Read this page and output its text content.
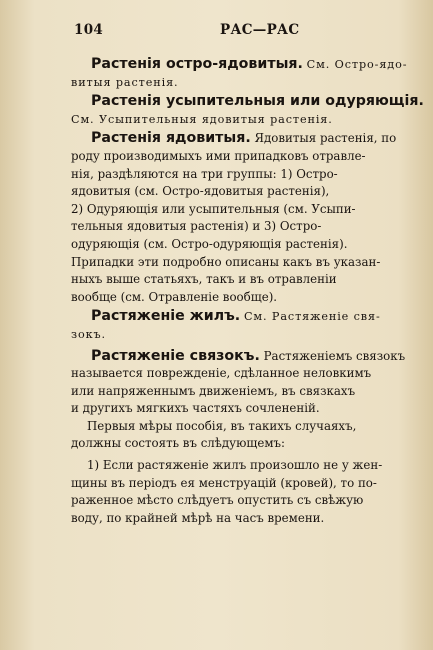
104	РАС—РАС
Растенія остро-ядовитыя. См. Остро-ядо-
витыя растенія.
Растенія усыпительныя или одуряющія.
См. Усыпительныя ядовитыя растенія.
Растенія ядовитыя. Ядовитыя растенія, по
роду производимыхъ ими припадковъ отравле-
нія, раздѣляются на три группы: 1) Остро-
ядовитыя (см. Остро-ядовитыя растенія),
2) Одуряющія или усыпительныя (см. Усыпи-
тельныя ядовитыя растенія) и 3) Остро-
одуряющія (см. Остро-одуряющія растенія).
Припадки эти подробно описаны какъ въ указан-
ныхъ выше статьяхъ, такъ и въ отравленіи
вообще (см. Отравленіе вообще).
Растяженіе жилъ. См. Растяженіе свя-
зокъ.
Растяженіе связокъ. Растяженіемъ связокъ
называется поврежденіе, сдѣланное неловкимъ
или напряженнымъ движеніемъ, въ связкахъ
и другихъ мягкихъ частяхъ сочлененій.
Первыя мѣры пособія, въ такихъ случаяхъ,
должны состоять въ слѣдующемъ:
1) Если растяженіе жилъ произошло не у жен-
щины въ періодъ ея менструацій (кровей), то по-
раженное мѣсто слѣдуетъ опустить съ свѣжую
воду, по крайней мѣрѣ на часъ времени.
